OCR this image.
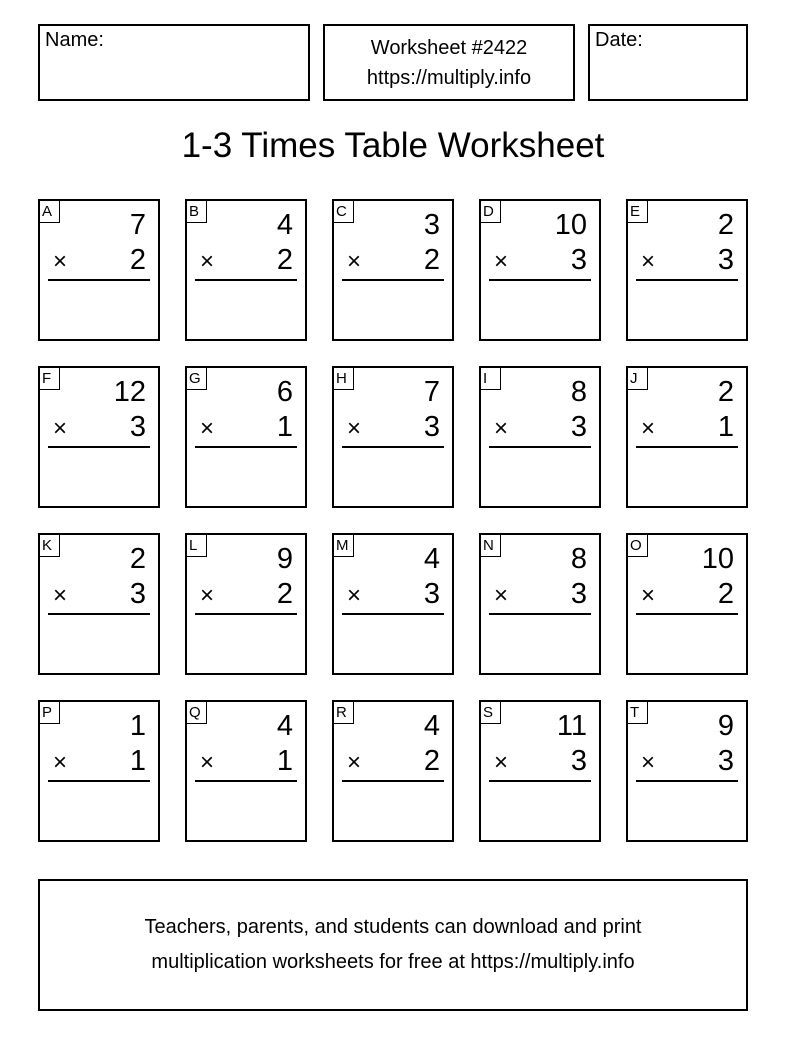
Name:	Worksheet #2422
https://multiply.info
Date:
1-3 Times Table Worksheet
A	7
× 2
B	4
× 2
C	3
× 2
D 10
× 3
E	2
× 3
F	12
× 3
G	6
× 1
H	7
× 3
I	8
× 3
J	2
× 1
K	2
× 3
L	9
× 2
M	4
× 3
N	8
× 3
O 10
× 2
P	1
× 1
Q	4
× 1
R	4
× 2
S 11
× 3
T	9
× 3
Teachers, parents, and students can download and print
multiplication worksheets for free at https://multiply.info
